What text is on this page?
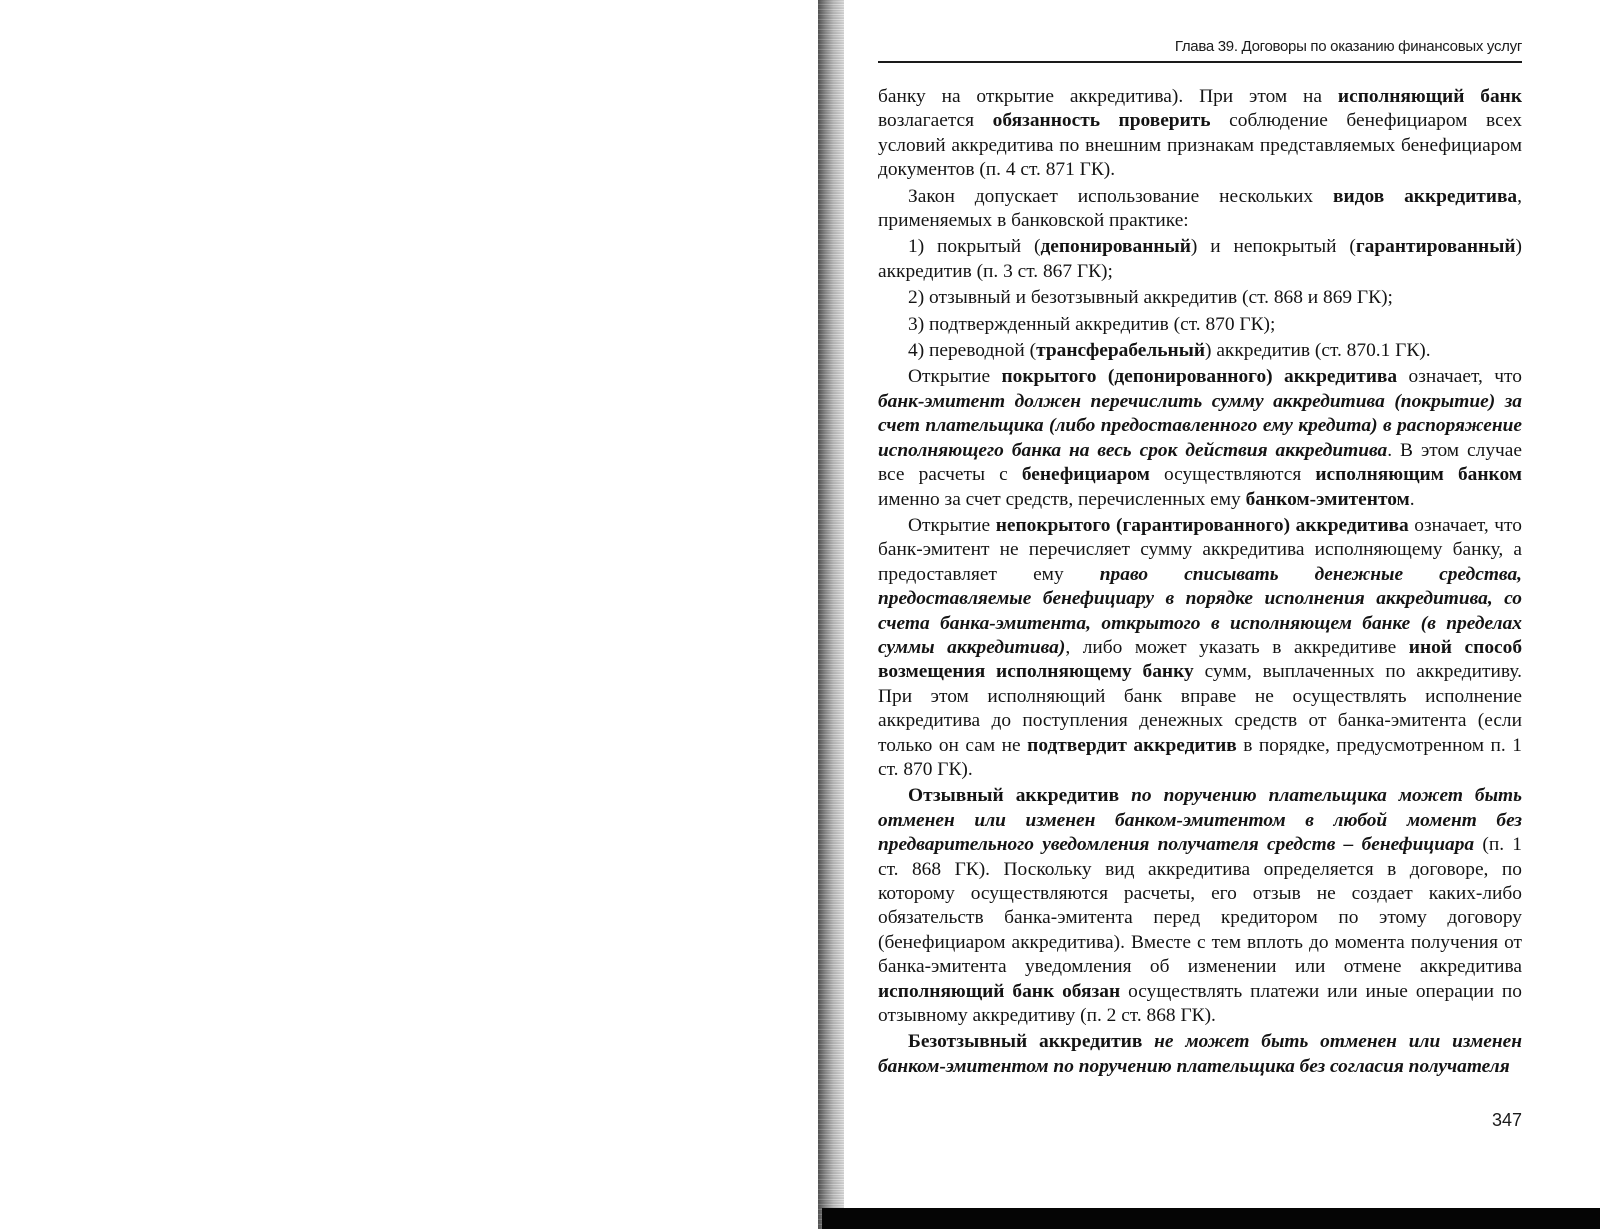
Глава 39. Договоры по оказанию финансовых услуг

банку на открытие аккредитива). При этом на исполняющий банк возлагается обязанность проверить соблюдение бенефициаром всех условий аккредитива по внешним признакам представляемых бенефициаром документов (п. 4 ст. 871 ГК).

Закон допускает использование нескольких видов аккредитива, применяемых в банковской практике:

1) покрытый (депонированный) и непокрытый (гарантированный) аккредитив (п. 3 ст. 867 ГК);

2) отзывный и безотзывный аккредитив (ст. 868 и 869 ГК);

3) подтвержденный аккредитив (ст. 870 ГК);

4) переводной (трансферабельный) аккредитив (ст. 870.1 ГК).

Открытие покрытого (депонированного) аккредитива означает, что банк-эмитент должен перечислить сумму аккредитива (покрытие) за счет плательщика (либо предоставленного ему кредита) в распоряжение исполняющего банка на весь срок действия аккредитива. В этом случае все расчеты с бенефициаром осуществляются исполняющим банком именно за счет средств, перечисленных ему банком-эмитентом.

Открытие непокрытого (гарантированного) аккредитива означает, что банк-эмитент не перечисляет сумму аккредитива исполняющему банку, а предоставляет ему право списывать денежные средства, предоставляемые бенефициару в порядке исполнения аккредитива, со счета банка-эмитента, открытого в исполняющем банке (в пределах суммы аккредитива), либо может указать в аккредитиве иной способ возмещения исполняющему банку сумм, выплаченных по аккредитиву. При этом исполняющий банк вправе не осуществлять исполнение аккредитива до поступления денежных средств от банка-эмитента (если только он сам не подтвердит аккредитив в порядке, предусмотренном п. 1 ст. 870 ГК).

Отзывный аккредитив по поручению плательщика может быть отменен или изменен банком-эмитентом в любой момент без предварительного уведомления получателя средств – бенефициара (п. 1 ст. 868 ГК). Поскольку вид аккредитива определяется в договоре, по которому осуществляются расчеты, его отзыв не создает каких-либо обязательств банка-эмитента перед кредитором по этому договору (бенефициаром аккредитива). Вместе с тем вплоть до момента получения от банка-эмитента уведомления об изменении или отмене аккредитива исполняющий банк обязан осуществлять платежи или иные операции по отзывному аккредитиву (п. 2 ст. 868 ГК).

Безотзывный аккредитив не может быть отменен или изменен банком-эмитентом по поручению плательщика без согласия получателя

347
